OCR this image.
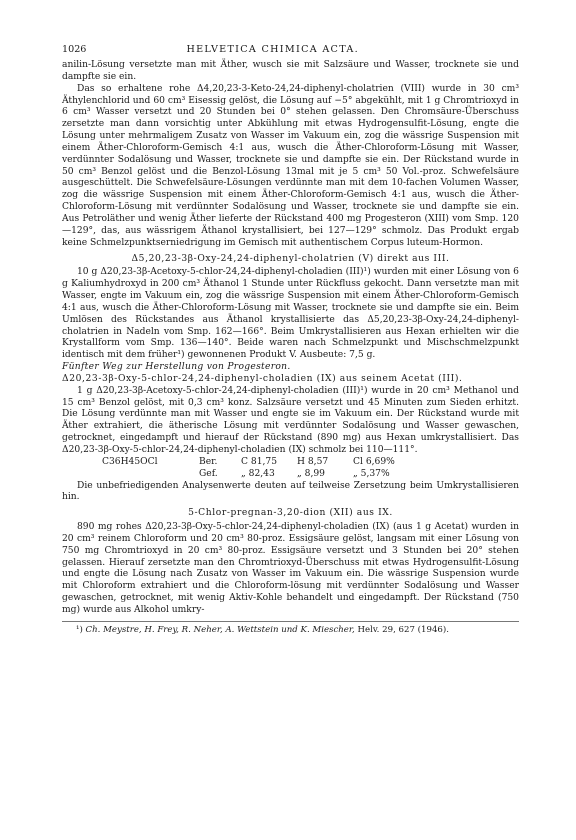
1026	HELVETICA CHIMICA ACTA.

anilin-Lösung versetzte man mit Äther, wusch sie mit Salzsäure und Wasser, trocknete sie und dampfte sie ein.

Das so erhaltene rohe Δ4,20,23-3-Keto-24,24-diphenyl-cholatrien (VIII) wurde in 30 cm³ Äthylenchlorid und 60 cm³ Eisessig gelöst, die Lösung auf −5° abgekühlt, mit 1 g Chromtrioxyd in 6 cm³ Wasser versetzt und 20 Stunden bei 0° stehen gelassen. Den Chromsäure-Überschuss zersetzte man dann vorsichtig unter Abkühlung mit etwas Hydrogensulfit-Lösung, engte die Lösung unter mehrmaligem Zusatz von Wasser im Vakuum ein, zog die wässrige Suspension mit einem Äther-Chloroform-Gemisch 4:1 aus, wusch die Äther-Chloroform-Lösung mit Wasser, verdünnter Sodalösung und Wasser, trocknete sie und dampfte sie ein. Der Rückstand wurde in 50 cm³ Benzol gelöst und die Benzol-Lösung 13mal mit je 5 cm³ 50 Vol.-proz. Schwefelsäure ausgeschüttelt. Die Schwefelsäure-Lösungen verdünnte man mit dem 10-fachen Volumen Wasser, zog die wässrige Suspension mit einem Äther-Chloroform-Gemisch 4:1 aus, wusch die Äther-Chloroform-Lösung mit verdünnter Sodalösung und Wasser, trocknete sie und dampfte sie ein. Aus Petroläther und wenig Äther lieferte der Rückstand 400 mg Progesteron (XIII) vom Smp. 120—129°, das, aus wässrigem Äthanol krystallisiert, bei 127—129° schmolz. Das Produkt ergab keine Schmelzpunktserniedrigung im Gemisch mit authentischem Corpus luteum-Hormon.

Δ5,20,23-3β-Oxy-24,24-diphenyl-cholatrien (V) direkt aus III.

10 g Δ20,23-3β-Acetoxy-5-chlor-24,24-diphenyl-choladien (III)¹) wurden mit einer Lösung von 6 g Kaliumhydroxyd in 200 cm³ Äthanol 1 Stunde unter Rückfluss gekocht. Dann versetzte man mit Wasser, engte im Vakuum ein, zog die wässrige Suspension mit einem Äther-Chloroform-Gemisch 4:1 aus, wusch die Äther-Chloroform-Lösung mit Wasser, trocknete sie und dampfte sie ein. Beim Umlösen des Rückstandes aus Äthanol krystallisierte das Δ5,20,23-3β-Oxy-24,24-diphenyl-cholatrien in Nadeln vom Smp. 162—166°. Beim Umkrystallisieren aus Hexan erhielten wir die Krystallform vom Smp. 136—140°. Beide waren nach Schmelzpunkt und Mischschmelzpunkt identisch mit dem früher¹) gewonnenen Produkt V. Ausbeute: 7,5 g.

Fünfter Weg zur Herstellung von Progesteron.

Δ20,23-3β-Oxy-5-chlor-24,24-diphenyl-choladien (IX) aus seinem Acetat (III).

1 g Δ20,23-3β-Acetoxy-5-chlor-24,24-diphenyl-choladien (III)¹) wurde in 20 cm³ Methanol und 15 cm³ Benzol gelöst, mit 0,3 cm³ konz. Salzsäure versetzt und 45 Minuten zum Sieden erhitzt. Die Lösung verdünnte man mit Wasser und engte sie im Vakuum ein. Der Rückstand wurde mit Äther extrahiert, die ätherische Lösung mit verdünnter Sodalösung und Wasser gewaschen, getrocknet, eingedampft und hierauf der Rückstand (890 mg) aus Hexan umkrystallisiert. Das Δ20,23-3β-Oxy-5-chlor-24,24-diphenyl-choladien (IX) schmolz bei 110—111°.

C36H45OCl	Ber.	C 81,75	H 8,57	Cl 6,69%
Gef.	„ 82,43	„ 8,99	„ 5,37%

Die unbefriedigenden Analysenwerte deuten auf teilweise Zersetzung beim Umkrystallisieren hin.

5-Chlor-pregnan-3,20-dion (XII) aus IX.

890 mg rohes Δ20,23-3β-Oxy-5-chlor-24,24-diphenyl-choladien (IX) (aus 1 g Acetat) wurden in 20 cm³ reinem Chloroform und 20 cm³ 80-proz. Essigsäure gelöst, langsam mit einer Lösung von 750 mg Chromtrioxyd in 20 cm³ 80-proz. Essigsäure versetzt und 3 Stunden bei 20° stehen gelassen. Hierauf zersetzte man den Chromtrioxyd-Überschuss mit etwas Hydrogensulfit-Lösung und engte die Lösung nach Zusatz von Wasser im Vakuum ein. Die wässrige Suspension wurde mit Chloroform extrahiert und die Chloroform-lösung mit verdünnter Sodalösung und Wasser gewaschen, getrocknet, mit wenig Aktiv-Kohle behandelt und eingedampft. Der Rückstand (750 mg) wurde aus Alkohol umkry-

¹) Ch. Meystre, H. Frey, R. Neher, A. Wettstein und K. Miescher, Helv. 29, 627 (1946).
